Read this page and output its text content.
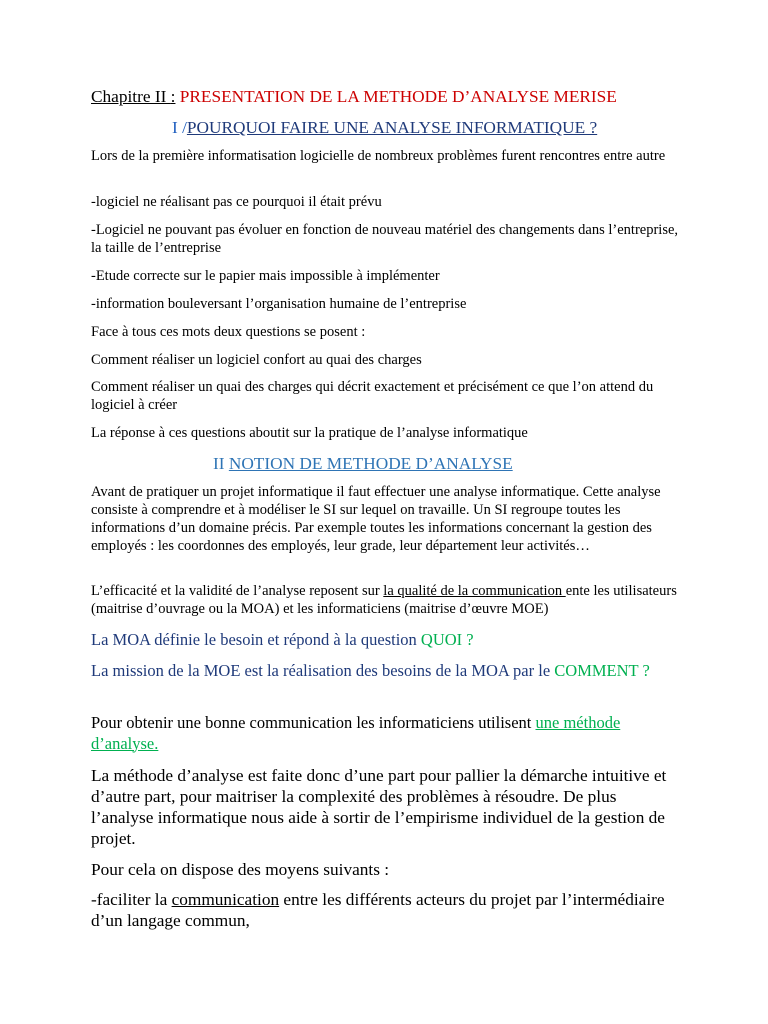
Chapitre II : PRESENTATION DE LA METHODE D’ANALYSE MERISE

I /POURQUOI FAIRE UNE ANALYSE INFORMATIQUE ?

Lors de la première informatisation logicielle de nombreux problèmes furent rencontres entre autre

-logiciel ne réalisant pas ce pourquoi il était prévu

-Logiciel ne pouvant pas évoluer en fonction de nouveau matériel des changements dans l’entreprise, la taille de l’entreprise

-Etude correcte sur le papier mais impossible à implémenter

-information bouleversant l’organisation humaine de l’entreprise

Face à tous ces mots deux questions se posent :

Comment réaliser un logiciel confort au quai des charges

Comment réaliser un quai des charges qui décrit exactement et précisément ce que l’on attend du logiciel à créer

La réponse à ces questions aboutit sur la pratique de l’analyse informatique

II NOTION DE METHODE D’ANALYSE

Avant de pratiquer un projet informatique il faut effectuer une analyse informatique. Cette analyse consiste à comprendre et à modéliser le SI sur lequel on travaille. Un SI regroupe toutes les informations d’un domaine précis. Par exemple toutes les informations concernant la gestion des employés : les coordonnes des employés, leur grade, leur département leur activités…

L’efficacité et la validité de l’analyse reposent sur la qualité de la communication ente les utilisateurs (maitrise d’ouvrage ou la MOA) et les informaticiens (maitrise d’œuvre MOE)

La MOA définie le besoin et répond à la question QUOI ?

La mission de la MOE est la réalisation des besoins de la MOA par le COMMENT ?

Pour obtenir une bonne communication les informaticiens utilisent une méthode d’analyse.

La méthode d’analyse est faite donc d’une part pour pallier la démarche intuitive et d’autre part, pour maitriser la complexité des problèmes à résoudre. De plus l’analyse informatique nous aide à sortir de l’empirisme individuel de la gestion de projet.

Pour cela on dispose des moyens suivants :

-faciliter la communication entre les différents acteurs du projet par l’intermédiaire d’un langage commun,
